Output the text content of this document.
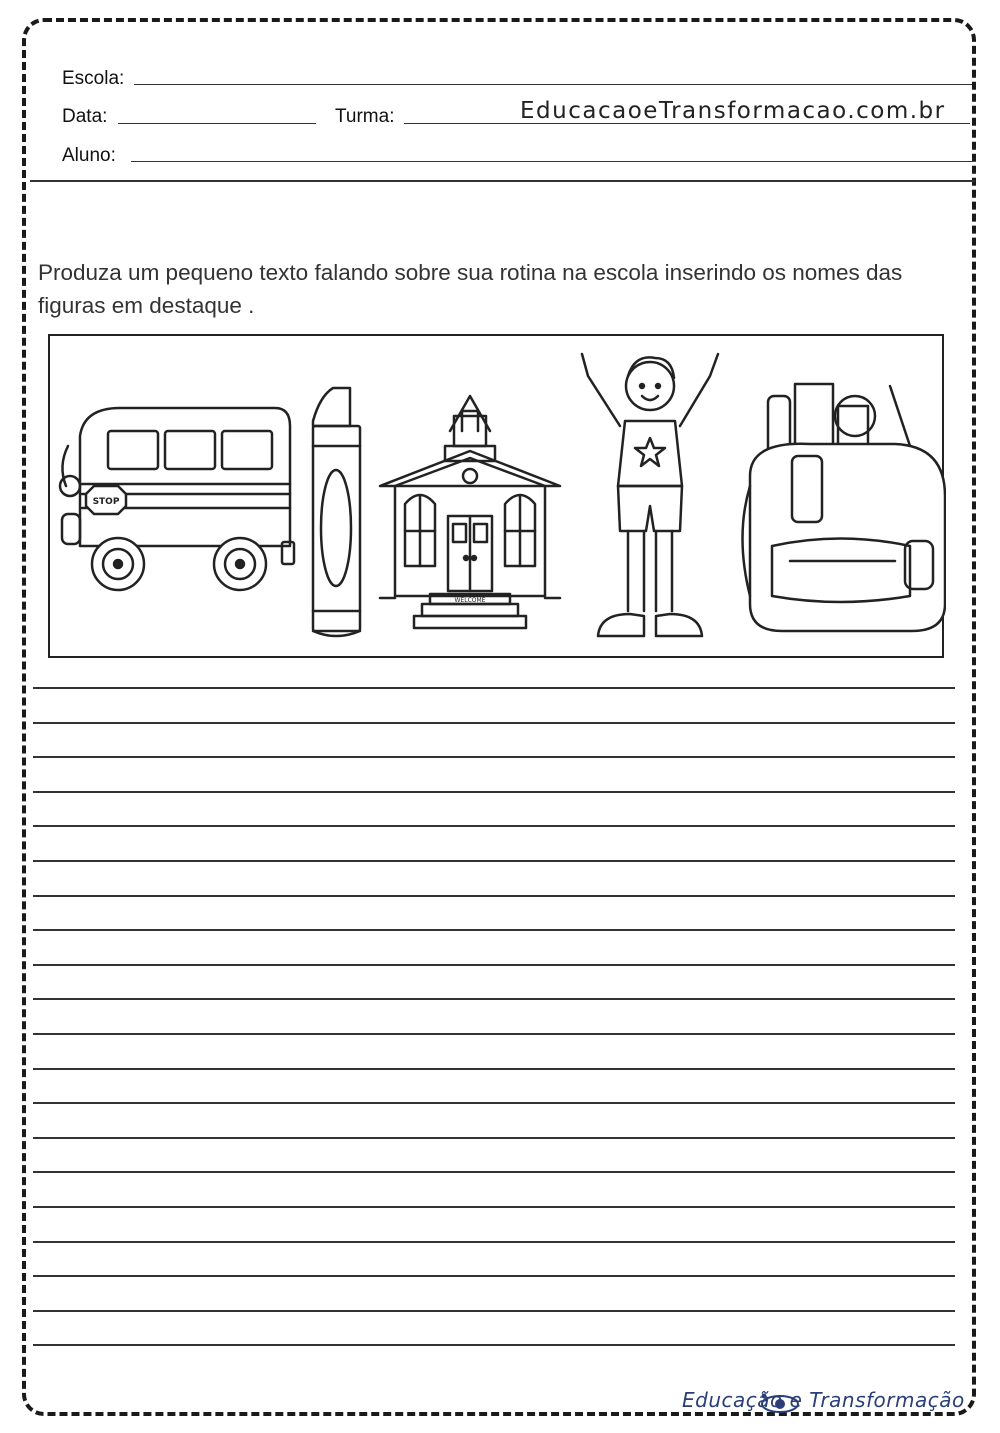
Escola:
Data:	Turma:	EducacaoeTransformacao.com.br
Aluno:
Produza um pequeno texto falando sobre sua rotina na escola inserindo os nomes das figuras em destaque .
STOP
WELCOME
Educação e Transformação
